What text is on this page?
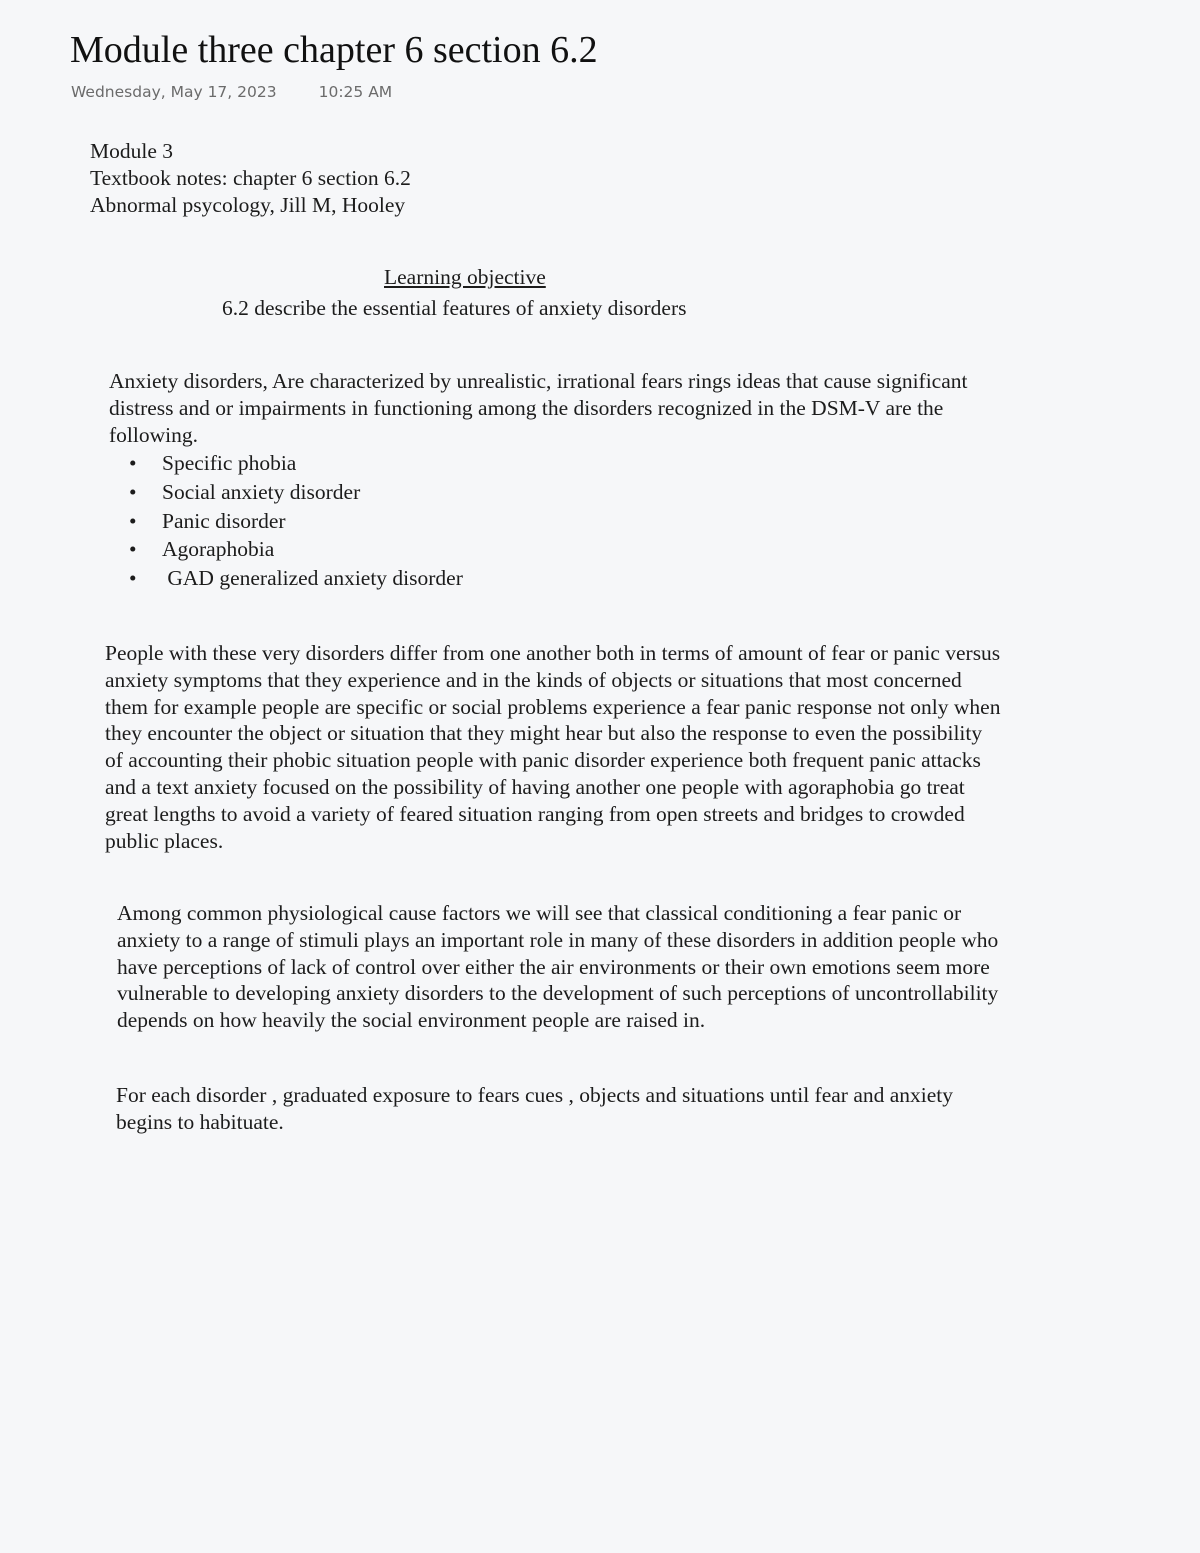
Module three chapter 6 section 6.2
Wednesday, May 17, 2023	10:25 AM
Module 3
Textbook notes: chapter 6 section 6.2
Abnormal psycology, Jill M, Hooley
Learning objective
6.2 describe the essential features of anxiety disorders

Anxiety disorders, Are characterized by unrealistic, irrational fears rings ideas that cause significant distress and or impairments in functioning among the disorders recognized in the DSM-V are the following.

• Specific phobia
• Social anxiety disorder
• Panic disorder
• Agoraphobia
• GAD generalized anxiety disorder

People with these very disorders differ from one another both in terms of amount of fear or panic versus anxiety symptoms that they experience and in the kinds of objects or situations that most concerned them for example people are specific or social problems experience a fear panic response not only when they encounter the object or situation that they might hear but also the response to even the possibility of accounting their phobic situation people with panic disorder experience both frequent panic attacks and a text anxiety focused on the possibility of having another one people with agoraphobia go treat great lengths to avoid a variety of feared situation ranging from open streets and bridges to crowded public places.

Among common physiological cause factors we will see that classical conditioning a fear panic or anxiety to a range of stimuli plays an important role in many of these disorders in addition people who have perceptions of lack of control over either the air environments or their own emotions seem more vulnerable to developing anxiety disorders to the development of such perceptions of uncontrollability depends on how heavily the social environment people are raised in.

For each disorder , graduated exposure to fears cues , objects and situations until fear and anxiety begins to habituate.
